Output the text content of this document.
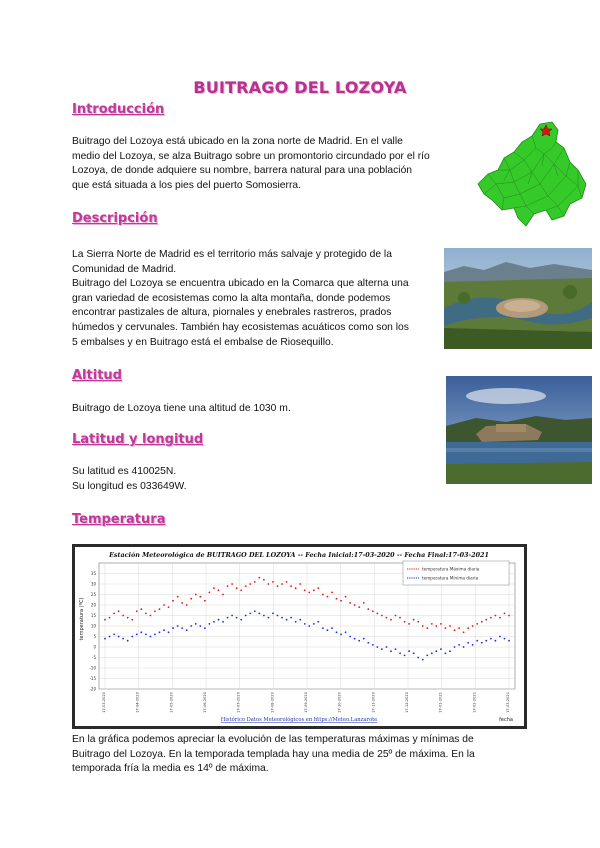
BUITRAGO DEL LOZOYA
Introducción
Buitrago del Lozoya está ubicado en la zona norte de Madrid. En el valle
medio del Lozoya, se alza Buitrago sobre un promontorio circundado por el río
Lozoya, de donde adquiere su nombre, barrera natural para una población
que está situada a los pies del puerto Somosierra.
Descripción
La Sierra Norte de Madrid es el territorio más salvaje y protegido de la
Comunidad de Madrid.
Buitrago del Lozoya se encuentra ubicado en la Comarca que alterna una
gran variedad de ecosistemas como la alta montaña, donde podemos
encontrar pastizales de altura, piornales y enebrales rastreros, prados
húmedos y cervunales. También hay ecosistemas acuáticos como son los
5 embalses y en Buitrago está el embalse de Riosequillo.
Altitud
Buitrago de Lozoya tiene una altitud de 1030 m.
Latitud y longitud
Su latitud es 410025N.
Su longitud es 033649W.
Temperatura
Estación Meteorológica de BUITRAGO DEL LOZOYA -- Fecha Inicial:17-03-2020 -- Fecha Final:17-03-2021
temperatura (ºC)
fecha
Histórico Datos Meteorológicos en https://Meteo.Lanzarote
-20
-15
-10
-5
0
5
10
15
20
25
30
35
17-03-2020	17-04-2020	17-05-2020	17-06-2020	17-07-2020	17-08-2020	17-09-2020	17-10-2020	17-11-2020	17-12-2020	17-01-2021	17-02-2021	17-03-2021
temperatura Máxima diaria
temperatura Mínima diaria
En la gráfica podemos apreciar la evolución de las temperaturas máximas y mínimas de
Buitrago del Lozoya. En la temporada templada hay una media de 25º de máxima. En la
temporada fría la media es 14º de máxima.
